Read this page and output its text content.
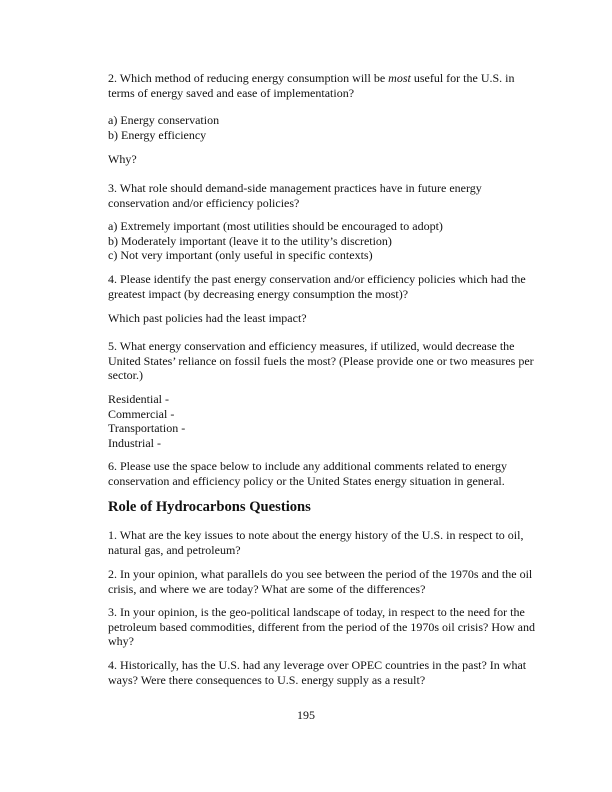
2. Which method of reducing energy consumption will be most useful for the U.S. in
terms of energy saved and ease of implementation?

a) Energy conservation
b) Energy efficiency

Why?

3. What role should demand-side management practices have in future energy
conservation and/or efficiency policies?

a) Extremely important (most utilities should be encouraged to adopt)
b) Moderately important (leave it to the utility’s discretion)
c) Not very important (only useful in specific contexts)

4. Please identify the past energy conservation and/or efficiency policies which had the
greatest impact (by decreasing energy consumption the most)?

Which past policies had the least impact?

5. What energy conservation and efficiency measures, if utilized, would decrease the
United States’ reliance on fossil fuels the most? (Please provide one or two measures per
sector.)

Residential -
Commercial -
Transportation -
Industrial -

6. Please use the space below to include any additional comments related to energy
conservation and efficiency policy or the United States energy situation in general.

Role of Hydrocarbons Questions

1. What are the key issues to note about the energy history of the U.S. in respect to oil,
natural gas, and petroleum?

2. In your opinion, what parallels do you see between the period of the 1970s and the oil
crisis, and where we are today? What are some of the differences?

3. In your opinion, is the geo-political landscape of today, in respect to the need for the
petroleum based commodities, different from the period of the 1970s oil crisis? How and
why?

4. Historically, has the U.S. had any leverage over OPEC countries in the past? In what
ways? Were there consequences to U.S. energy supply as a result?

195
